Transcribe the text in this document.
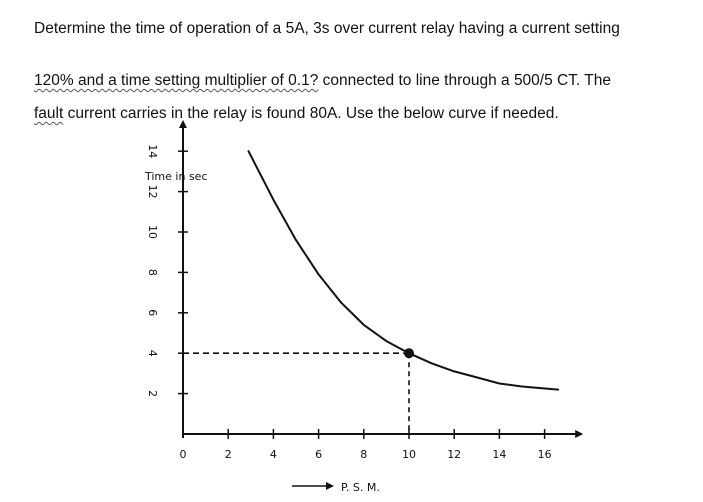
Determine the time of operation of a 5A, 3s over current relay having a current setting
120% and a time setting multiplier of 0.1? connected to line through a 500/5 CT. The
fault current carries in the relay is found 80A. Use the below curve if needed.
Time in sec
P. S. M.
14
12
10
8
6
4
2
0	2	4	6	8	10	12	14	16
